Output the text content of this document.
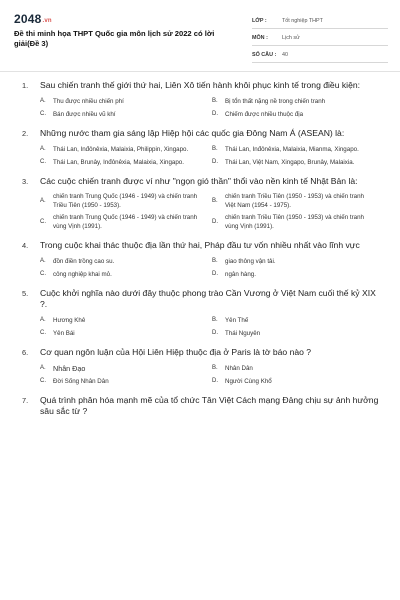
2048.vn
Đề thi minh họa THPT Quốc gia môn lịch sử 2022 có lời giải(Đề 3)
LỚP :	Tốt nghiệp THPT
MÔN :	Lịch sử
SỐ CÂU :	40
1. Sau chiến tranh thế giới thứ hai, Liên Xô tiến hành khôi phục kinh tế trong điều kiện:
A.	Thu được nhiều chiến phí	B.	Bị tổn thất nặng nề trong chiến tranh
C.	Bán được nhiều vũ khí	D.	Chiếm được nhiều thuộc địa
2. Những nước tham gia sáng lập Hiệp hội các quốc gia Đông Nam Á (ASEAN) là:
A.	Thái Lan, Inđônêxia, Malaixia, Philippin, Xingapo.	B.	Thái Lan, Inđônêxia, Malaixia, Mianma, Xingapo.
C.	Thái Lan, Brunây, Inđônêxia, Malaixia, Xingapo.	D.	Thái Lan, Việt Nam, Xingapo, Brunây, Malaixia.
3. Các cuộc chiến tranh được ví như "ngọn gió thần" thổi vào nền kinh tế Nhật Bản là:
A.
chiến tranh Trung Quốc (1946 - 1949) và chiến tranh Triều Tiên (1950 - 1953).
B.
chiến tranh Triều Tiên (1950 - 1953) và chiến tranh Việt Nam (1954 - 1975).
C.
chiến tranh Trung Quốc (1946 - 1949) và chiến tranh vùng Vịnh (1991).
D.
chiến tranh Triều Tiên (1950 - 1953) và chiến tranh vùng Vịnh (1991).
4. Trong cuộc khai thác thuộc địa lần thứ hai, Pháp đầu tư vốn nhiều nhất vào lĩnh vực
A.	đồn điền trồng cao su.	B.	giao thông vận tải.
C.	công nghiệp khai mỏ.	D.	ngân hàng.
5. Cuộc khởi nghĩa nào dưới đây thuộc phong trào Cần Vương ở Việt Nam cuối thế kỷ XIX ?.
A.	Hương Khê	B.	Yên Thế
C.	Yên Bái	D.	Thái Nguyên
6. Cơ quan ngôn luận của Hội Liên Hiệp thuộc địa ở Paris là tờ báo nào ?
A.	Nhân Đạo	B.	Nhân Dân
C.	Đời Sống Nhân Dân	D.	Người Cùng Khổ
7. Quá trình phân hóa mạnh mẽ của tổ chức Tân Việt Cách mạng Đảng chịu sự ảnh hưởng sâu sắc từ ?
